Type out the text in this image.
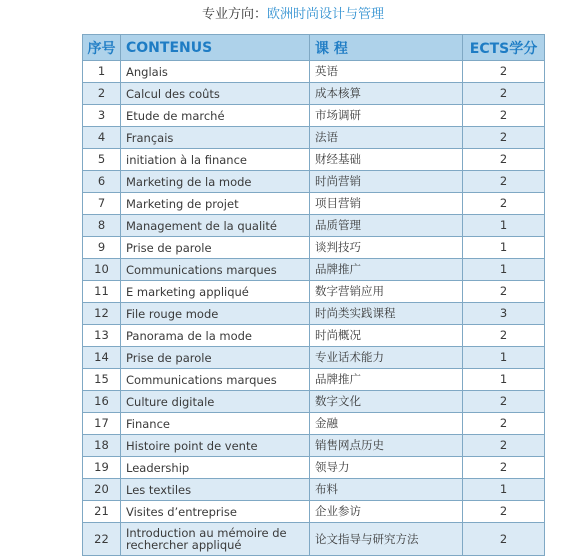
专业方向：欧洲时尚设计与管理
序号	CONTENUS	课 程	ECTS学分

1	Anglais	英语	2

2	Calcul des coûts	成本核算	2

3	Etude de marché	市场调研	2

4	Français	法语	2

5	initiation à la finance	财经基础	2

6	Marketing de la mode	时尚营销	2

7	Marketing de projet	项目营销	2

8	Management de la qualité	品质管理	1

9	Prise de parole	谈判技巧	1

10	Communications marques	品牌推广	1

11	E marketing appliqué	数字营销应用	2

12	File rouge mode	时尚类实践课程	3

13	Panorama de la mode	时尚概况	2

14	Prise de parole	专业话术能力	1

15	Communications marques	品牌推广	1

16	Culture digitale	数字文化	2

17	Finance	金融	2

18	Histoire point de vente	销售网点历史	2

19	Leadership	领导力	2

20	Les textiles	布料	1

21	Visites d’entreprise	企业参访	2

22	Introduction au mémoire de rechercher appliqué	论文指导与研究方法	2
